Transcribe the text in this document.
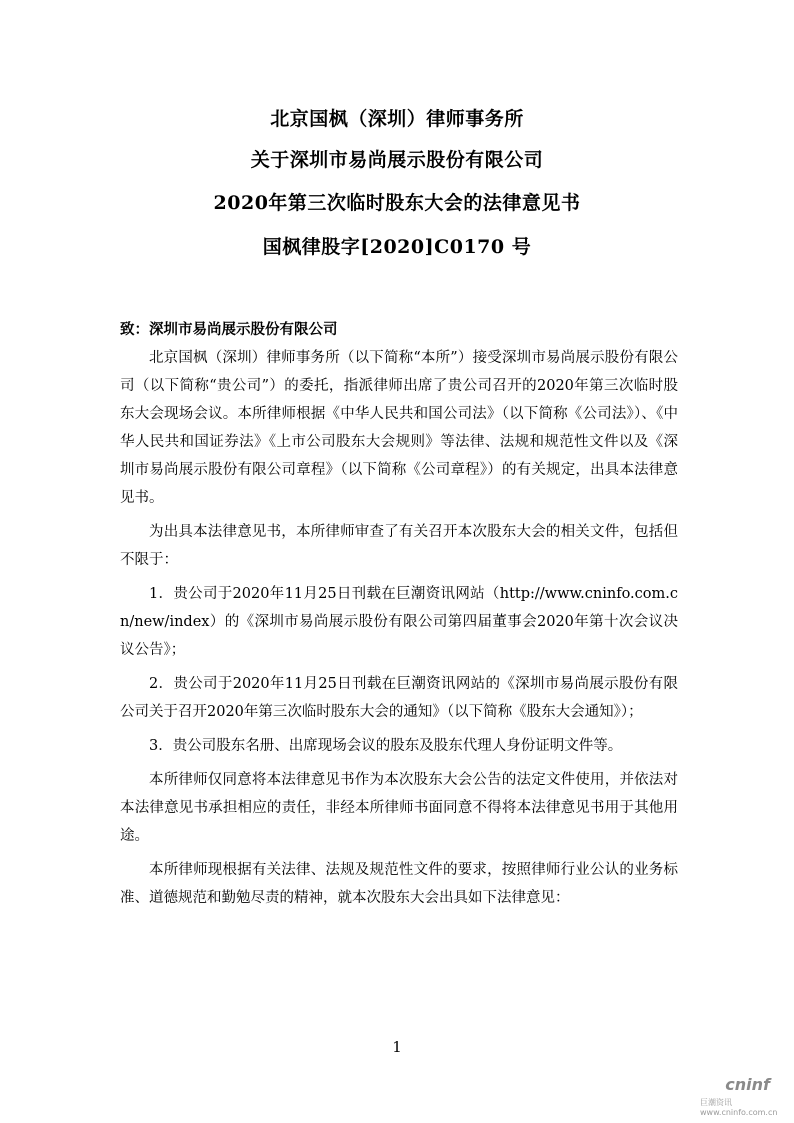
北京国枫（深圳）律师事务所
关于深圳市易尚展示股份有限公司
2020年第三次临时股东大会的法律意见书
国枫律股字[2020]C0170 号

致：深圳市易尚展示股份有限公司

北京国枫（深圳）律师事务所（以下简称“本所”）接受深圳市易尚展示股份有限公司（以下简称“贵公司”）的委托，指派律师出席了贵公司召开的2020年第三次临时股东大会现场会议。本所律师根据《中华人民共和国公司法》（以下简称《公司法》）、《中华人民共和国证券法》《上市公司股东大会规则》等法律、法规和规范性文件以及《深圳市易尚展示股份有限公司章程》（以下简称《公司章程》）的有关规定，出具本法律意见书。

为出具本法律意见书，本所律师审查了有关召开本次股东大会的相关文件，包括但不限于：

1．贵公司于2020年11月25日刊载在巨潮资讯网站（http://www.cninfo.com.cn/new/index）的《深圳市易尚展示股份有限公司第四届董事会2020年第十次会议决议公告》；

2．贵公司于2020年11月25日刊载在巨潮资讯网站的《深圳市易尚展示股份有限公司关于召开2020年第三次临时股东大会的通知》（以下简称《股东大会通知》）；

3．贵公司股东名册、出席现场会议的股东及股东代理人身份证明文件等。

本所律师仅同意将本法律意见书作为本次股东大会公告的法定文件使用，并依法对本法律意见书承担相应的责任，非经本所律师书面同意不得将本法律意见书用于其他用途。

本所律师现根据有关法律、法规及规范性文件的要求，按照律师行业公认的业务标准、道德规范和勤勉尽责的精神，就本次股东大会出具如下法律意见：

1
cninf
巨潮资讯 www.cninfo.com.cn
